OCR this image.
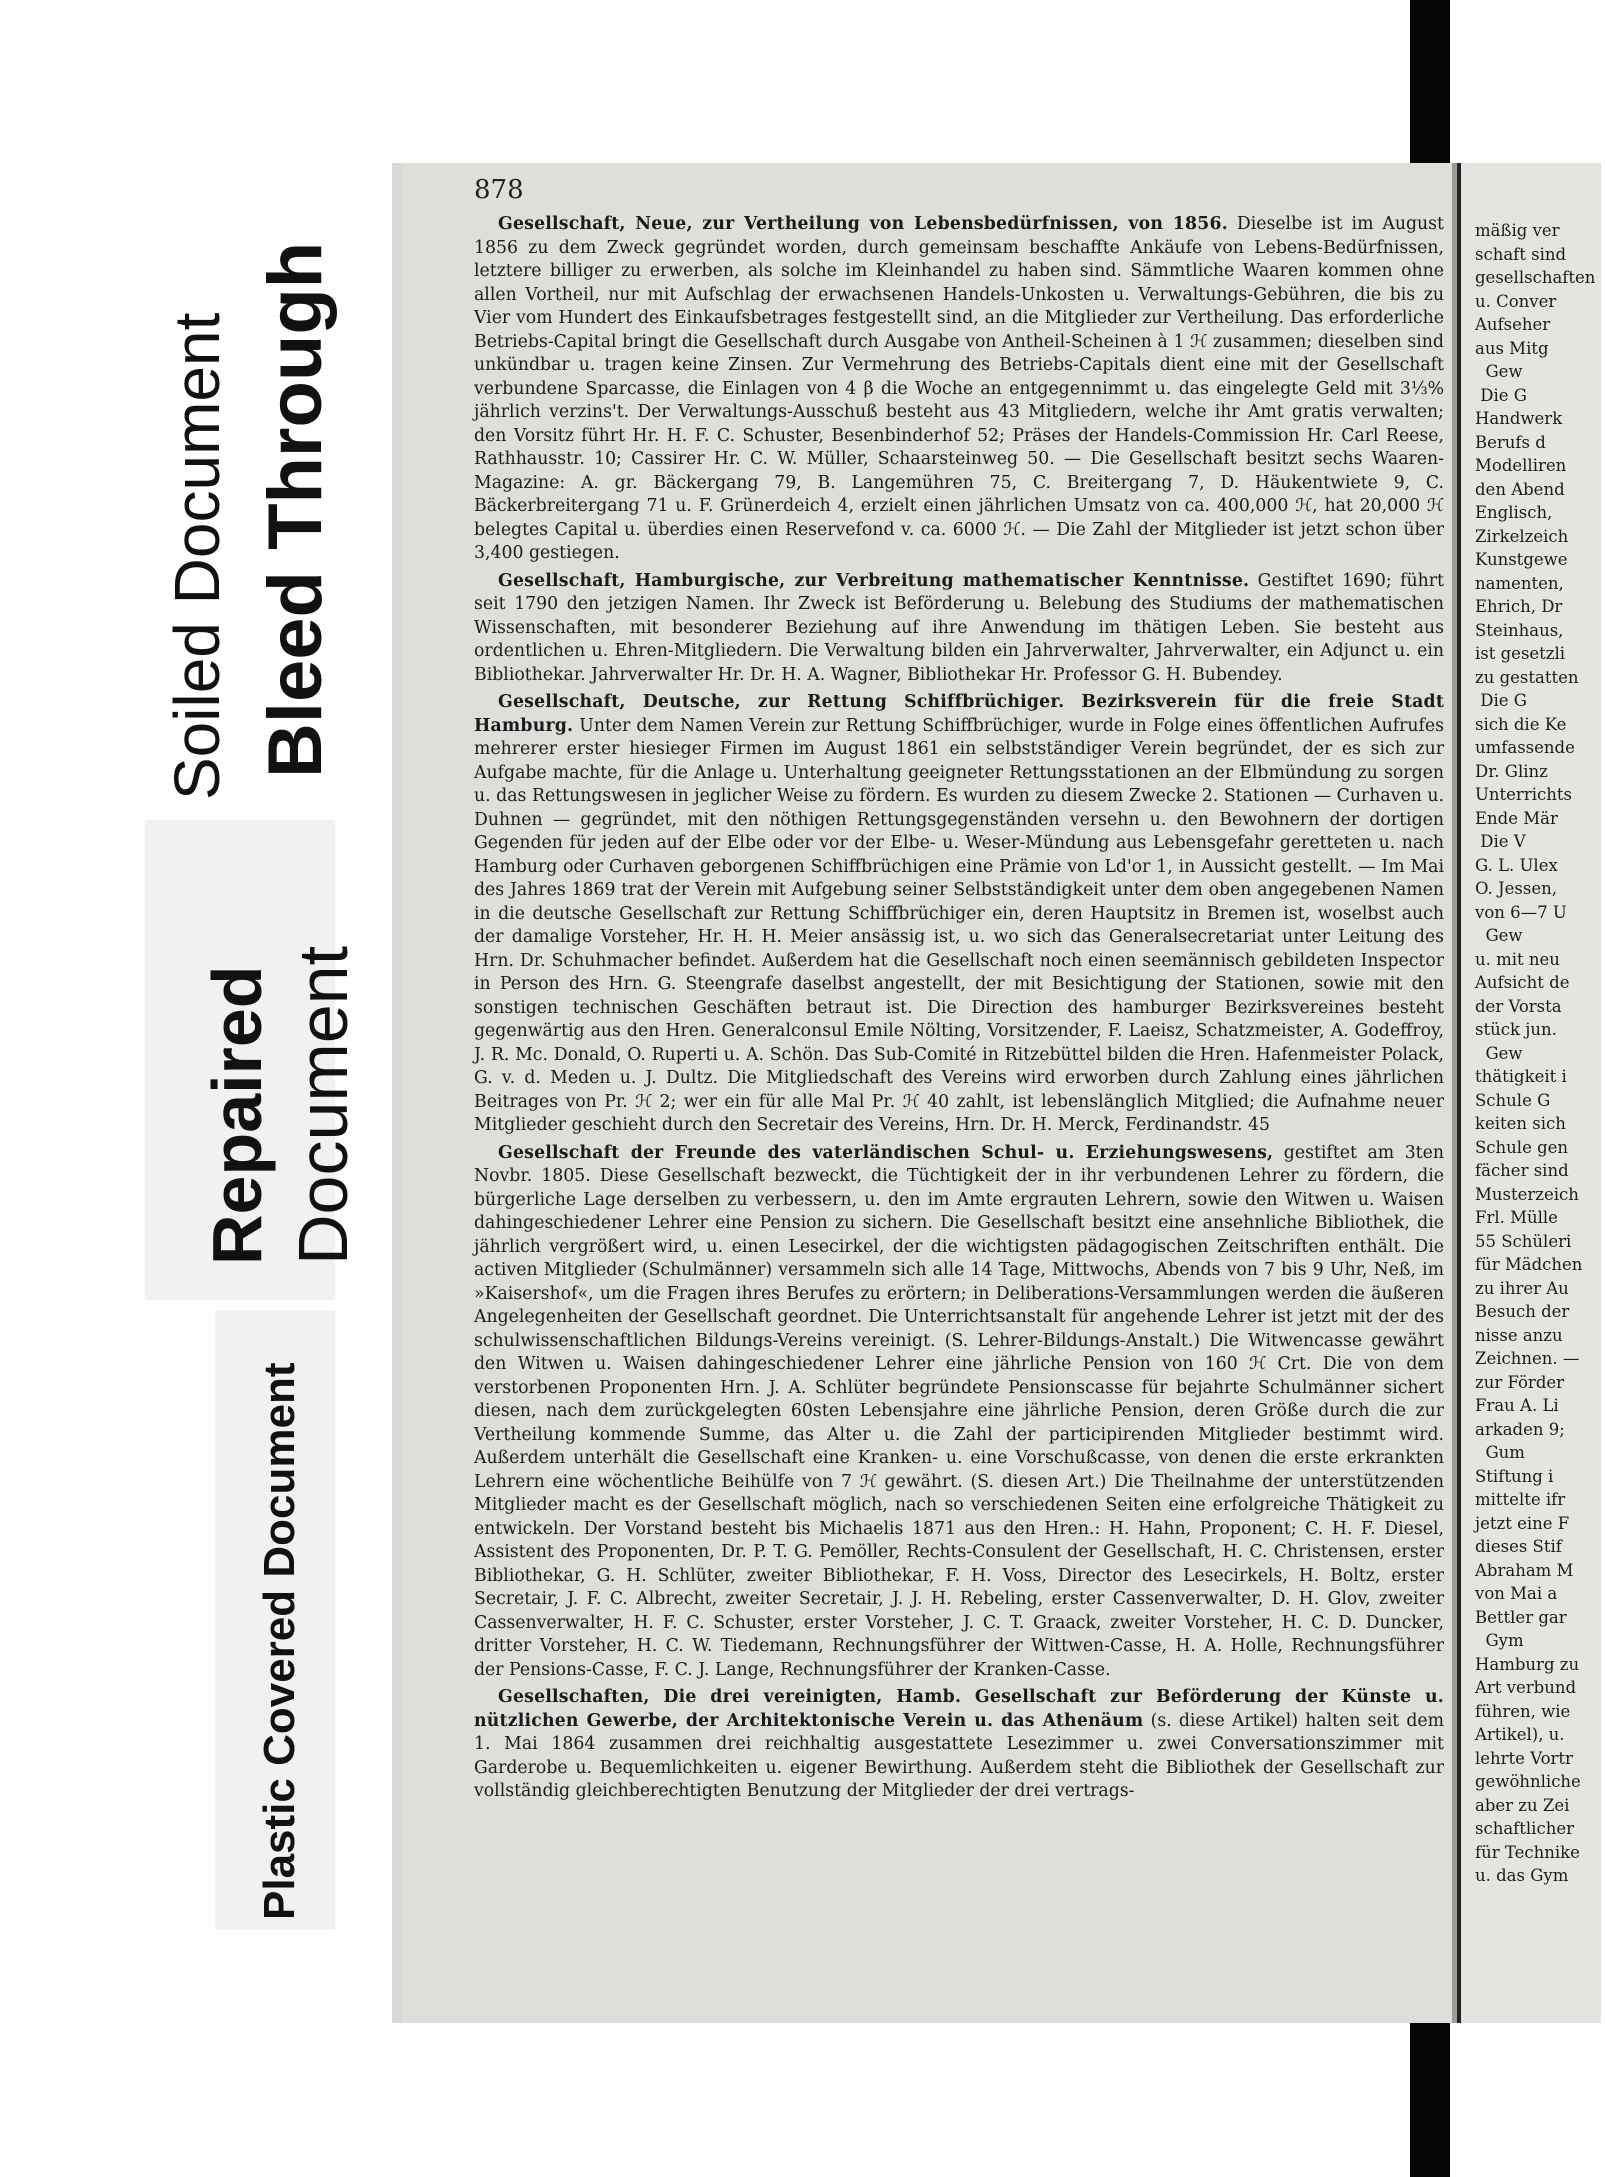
Soiled Document Bleed Through
Repaired Document
Plastic Covered Document
878

Gesellschaft, Neue, zur Vertheilung von Lebensbedürfnissen, von 1856. Dieselbe ist im August 1856 zu dem Zweck gegründet worden, durch gemeinsam beschaffte Ankäufe von Lebens-Bedürfnissen, letztere billiger zu erwerben, als solche im Kleinhandel zu haben sind. Sämmtliche Waaren kommen ohne allen Vortheil, nur mit Aufschlag der erwachsenen Handels-Unkosten u. Verwaltungs-Gebühren, die bis zu Vier vom Hundert des Einkaufsbetrages festgestellt sind, an die Mitglieder zur Vertheilung. Das erforderliche Betriebs-Capital bringt die Gesellschaft durch Ausgabe von Antheil-Scheinen à 1 ℋ zusammen; dieselben sind unkündbar u. tragen keine Zinsen. Zur Vermehrung des Betriebs-Capitals dient eine mit der Gesellschaft verbundene Sparcasse, die Einlagen von 4 β die Woche an entgegennimmt u. das eingelegte Geld mit 3⅓% jährlich verzins't. Der Verwaltungs-Ausschuß besteht aus 43 Mitgliedern, welche ihr Amt gratis verwalten; den Vorsitz führt Hr. H. F. C. Schuster, Besenbinderhof 52; Präses der Handels-Commission Hr. Carl Reese, Rathhausstr. 10; Cassirer Hr. C. W. Müller, Schaarsteinweg 50. — Die Gesellschaft besitzt sechs Waaren-Magazine: A. gr. Bäckergang 79, B. Langemühren 75, C. Breitergang 7, D. Häukentwiete 9, C. Bäckerbreitergang 71 u. F. Grünerdeich 4, erzielt einen jährlichen Umsatz von ca. 400,000 ℋ, hat 20,000 ℋ belegtes Capital u. überdies einen Reservefond v. ca. 6000 ℋ. — Die Zahl der Mitglieder ist jetzt schon über 3,400 gestiegen.

Gesellschaft, Hamburgische, zur Verbreitung mathematischer Kenntnisse. Gestiftet 1690; führt seit 1790 den jetzigen Namen. Ihr Zweck ist Beförderung u. Belebung des Studiums der mathematischen Wissenschaften, mit besonderer Beziehung auf ihre Anwendung im thätigen Leben. Sie besteht aus ordentlichen u. Ehren-Mitgliedern. Die Verwaltung bilden ein Jahrverwalter, Jahrverwalter, ein Adjunct u. ein Bibliothekar. Jahrverwalter Hr. Dr. H. A. Wagner, Bibliothekar Hr. Professor G. H. Bubendey.

Gesellschaft, Deutsche, zur Rettung Schiffbrüchiger. Bezirksverein für die freie Stadt Hamburg. Unter dem Namen Verein zur Rettung Schiffbrüchiger, wurde in Folge eines öffentlichen Aufrufes mehrerer erster hiesieger Firmen im August 1861 ein selbstständiger Verein begründet, der es sich zur Aufgabe machte, für die Anlage u. Unterhaltung geeigneter Rettungsstationen an der Elbmündung zu sorgen u. das Rettungswesen in jeglicher Weise zu fördern. Es wurden zu diesem Zwecke 2. Stationen — Curhaven u. Duhnen — gegründet, mit den nöthigen Rettungsgegenständen versehn u. den Bewohnern der dortigen Gegenden für jeden auf der Elbe oder vor der Elbe- u. Weser-Mündung aus Lebensgefahr geretteten u. nach Hamburg oder Curhaven geborgenen Schiffbrüchigen eine Prämie von Ld'or 1, in Aussicht gestellt. — Im Mai des Jahres 1869 trat der Verein mit Aufgebung seiner Selbstständigkeit unter dem oben angegebenen Namen in die deutsche Gesellschaft zur Rettung Schiffbrüchiger ein, deren Hauptsitz in Bremen ist, woselbst auch der damalige Vorsteher, Hr. H. H. Meier ansässig ist, u. wo sich das Generalsecretariat unter Leitung des Hrn. Dr. Schuhmacher befindet. Außerdem hat die Gesellschaft noch einen seemännisch gebildeten Inspector in Person des Hrn. G. Steengrafe daselbst angestellt, der mit Besichtigung der Stationen, sowie mit den sonstigen technischen Geschäften betraut ist. Die Direction des hamburger Bezirksvereines besteht gegenwärtig aus den Hren. Generalconsul Emile Nölting, Vorsitzender, F. Laeisz, Schatzmeister, A. Godeffroy, J. R. Mc. Donald, O. Ruperti u. A. Schön. Das Sub-Comité in Ritzebüttel bilden die Hren. Hafenmeister Polack, G. v. d. Meden u. J. Dultz. Die Mitgliedschaft des Vereins wird erworben durch Zahlung eines jährlichen Beitrages von Pr. ℋ 2; wer ein für alle Mal Pr. ℋ 40 zahlt, ist lebenslänglich Mitglied; die Aufnahme neuer Mitglieder geschieht durch den Secretair des Vereins, Hrn. Dr. H. Merck, Ferdinandstr. 45

Gesellschaft der Freunde des vaterländischen Schul- u. Erziehungswesens, gestiftet am 3ten Novbr. 1805. Diese Gesellschaft bezweckt, die Tüchtigkeit der in ihr verbundenen Lehrer zu fördern, die bürgerliche Lage derselben zu verbessern, u. den im Amte ergrauten Lehrern, sowie den Witwen u. Waisen dahingeschiedener Lehrer eine Pension zu sichern. Die Gesellschaft besitzt eine ansehnliche Bibliothek, die jährlich vergrößert wird, u. einen Lesecirkel, der die wichtigsten pädagogischen Zeitschriften enthält. Die activen Mitglieder (Schulmänner) versammeln sich alle 14 Tage, Mittwochs, Abends von 7 bis 9 Uhr, Neß, im »Kaisershof«, um die Fragen ihres Berufes zu erörtern; in Deliberations-Versammlungen werden die äußeren Angelegenheiten der Gesellschaft geordnet. Die Unterrichtsanstalt für angehende Lehrer ist jetzt mit der des schulwissenschaftlichen Bildungs-Vereins vereinigt. (S. Lehrer-Bildungs-Anstalt.) Die Witwencasse gewährt den Witwen u. Waisen dahingeschiedener Lehrer eine jährliche Pension von 160 ℋ Crt. Die von dem verstorbenen Proponenten Hrn. J. A. Schlüter begründete Pensionscasse für bejahrte Schulmänner sichert diesen, nach dem zurückgelegten 60sten Lebensjahre eine jährliche Pension, deren Größe durch die zur Vertheilung kommende Summe, das Alter u. die Zahl der participirenden Mitglieder bestimmt wird. Außerdem unterhält die Gesellschaft eine Kranken- u. eine Vorschußcasse, von denen die erste erkrankten Lehrern eine wöchentliche Beihülfe von 7 ℋ gewährt. (S. diesen Art.) Die Theilnahme der unterstützenden Mitglieder macht es der Gesellschaft möglich, nach so verschiedenen Seiten eine erfolgreiche Thätigkeit zu entwickeln. Der Vorstand besteht bis Michaelis 1871 aus den Hren.: H. Hahn, Proponent; C. H. F. Diesel, Assistent des Proponenten, Dr. P. T. G. Pemöller, Rechts-Consulent der Gesellschaft, H. C. Christensen, erster Bibliothekar, G. H. Schlüter, zweiter Bibliothekar, F. H. Voss, Director des Lesecirkels, H. Boltz, erster Secretair, J. F. C. Albrecht, zweiter Secretair, J. J. H. Rebeling, erster Cassenverwalter, D. H. Glov, zweiter Cassenverwalter, H. F. C. Schuster, erster Vorsteher, J. C. T. Graack, zweiter Vorsteher, H. C. D. Duncker, dritter Vorsteher, H. C. W. Tiedemann, Rechnungsführer der Wittwen-Casse, H. A. Holle, Rechnungsführer der Pensions-Casse, F. C. J. Lange, Rechnungsführer der Kranken-Casse.

Gesellschaften, Die drei vereinigten, Hamb. Gesellschaft zur Beförderung der Künste u. nützlichen Gewerbe, der Architektonische Verein u. das Athenäum (s. diese Artikel) halten seit dem 1. Mai 1864 zusammen drei reichhaltig ausgestattete Lesezimmer u. zwei Conversationszimmer mit Garderobe u. Bequemlichkeiten u. eigener Bewirthung. Außerdem steht die Bibliothek der Gesellschaft zur vollständig gleichberechtigten Benutzung der Mitglieder der drei vertrags-

mäßig ver
schaft sind
gesellschaften
u. Conver
Aufseher
aus Mitg
Gew
Die G
Handwerk
Berufs d
Modelliren
den Abend
Englisch,
Zirkelzeich
Kunstgewe
namenten,
Ehrich, Dr
Steinhaus,
ist gesetzli
zu gestatten
Die G
sich die Ke
umfassende
Dr. Glinz
Unterrichts
Ende Mär
Die V
G. L. Ulex
O. Jessen,
von 6—7 U
Gew
u. mit neu
Aufsicht de
der Vorsta
stück jun.
Gew
thätigkeit i
Schule G
keiten sich
Schule gen
fächer sind
Musterzeich
Frl. Mülle
55 Schüleri
für Mädchen
zu ihrer Au
Besuch der
nisse anzu
Zeichnen. —
zur Förder
Frau A. Li
arkaden 9;
Gum
Stiftung i
mittelte ifr
jetzt eine F
dieses Stif
Abraham M
von Mai a
Bettler gar
Gym
Hamburg zu
Art verbund
führen, wie
Artikel), u.
lehrte Vortr
gewöhnliche
aber zu Zei
schaftlicher
für Technike
u. das Gym
